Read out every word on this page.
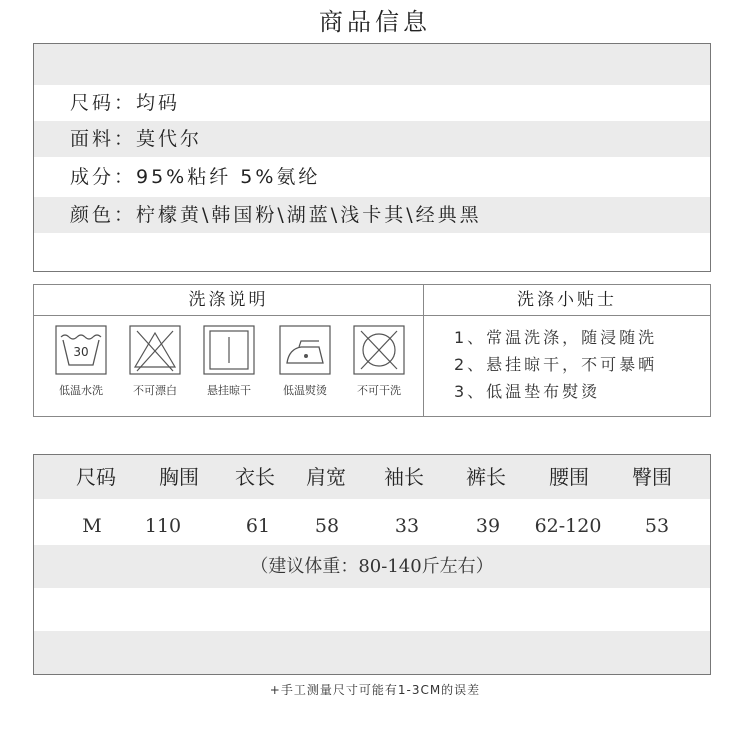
商品信息
尺码：均码
面料：莫代尔
成分：95%粘纤 5%氨纶
颜色：柠檬黄\韩国粉\湖蓝\浅卡其\经典黑
洗涤说明	洗涤小贴士
30
低温水洗	不可漂白	悬挂晾干	低温熨烫	不可干洗
1、常温洗涤，随浸随洗
2、悬挂晾干，不可暴晒
3、低温垫布熨烫
尺码	胸围	衣长	肩宽	袖长	裤长	腰围	臀围
M	110	61	58	33	39	62-120	53
（建议体重：80-140斤左右）
+手工测量尺寸可能有1-3CM的误差
